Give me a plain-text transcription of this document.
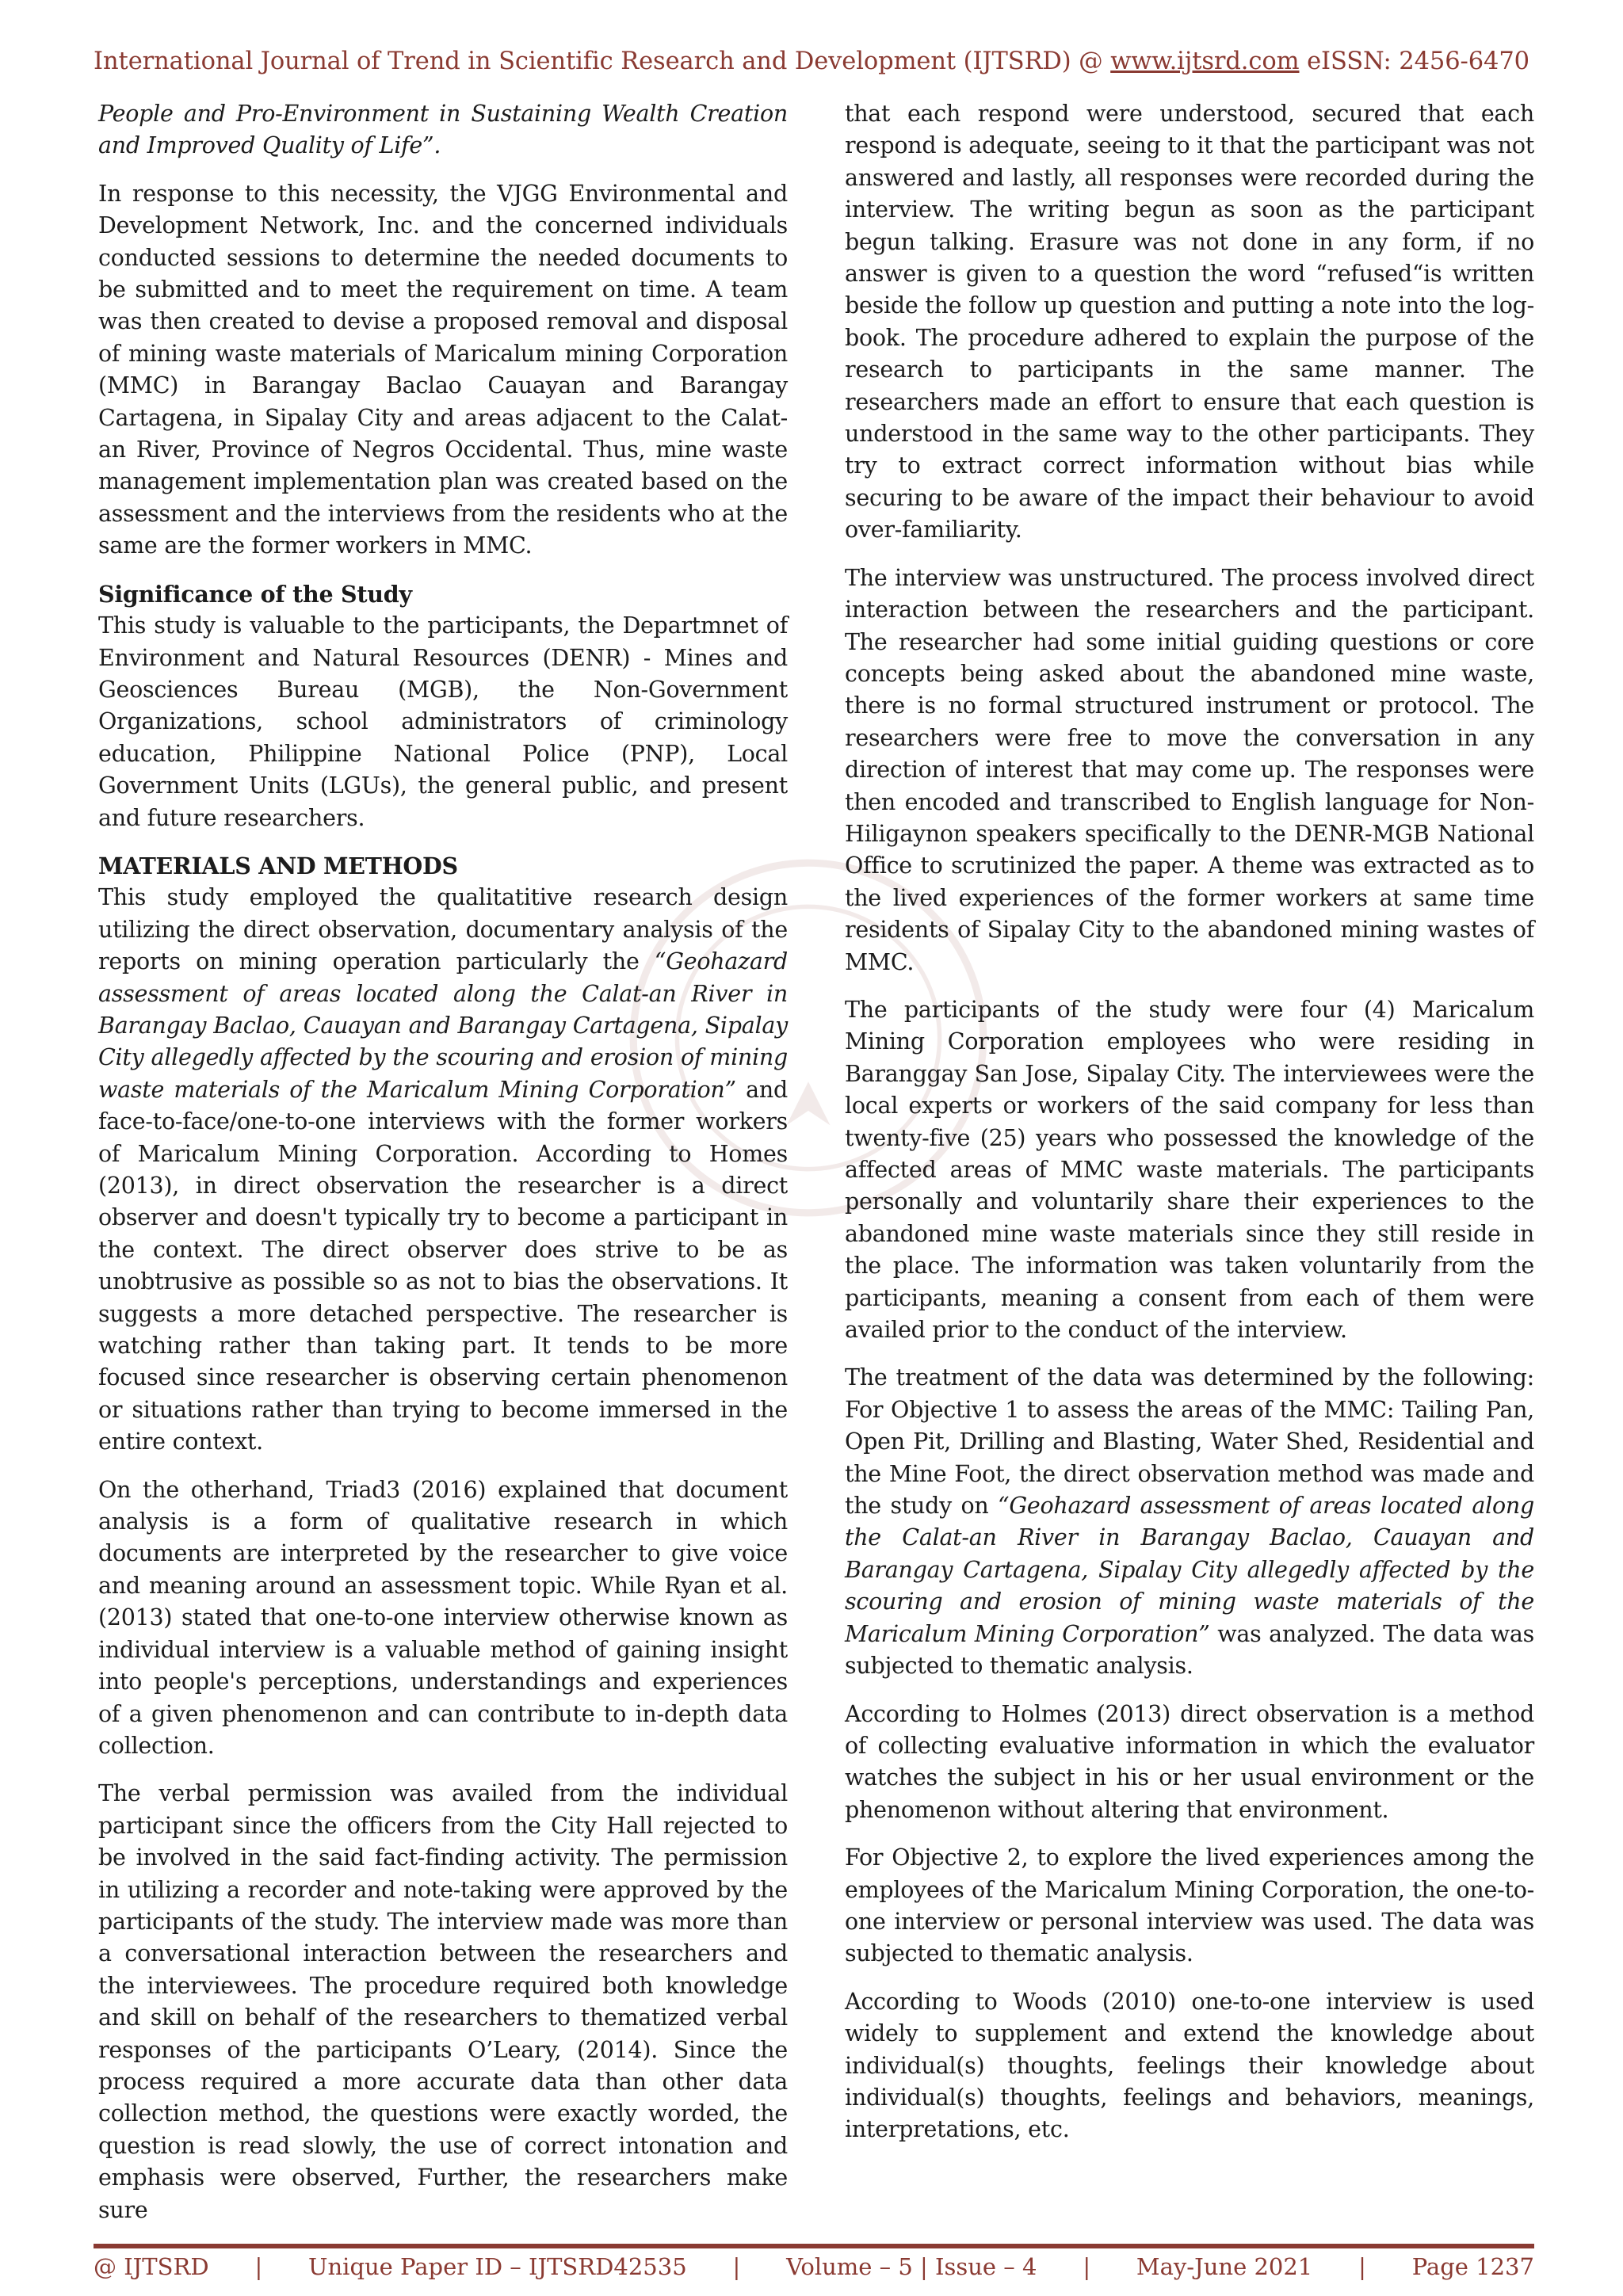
International Journal of Trend in Scientific Research and Development (IJTSRD) @ www.ijtsrd.com eISSN: 2456-6470

People and Pro-Environment in Sustaining Wealth Creation and Improved Quality of Life”.

In response to this necessity, the VJGG Environmental and Development Network, Inc. and the concerned individuals conducted sessions to determine the needed documents to be submitted and to meet the requirement on time. A team was then created to devise a proposed removal and disposal of mining waste materials of Maricalum mining Corporation (MMC) in Barangay Baclao Cauayan and Barangay Cartagena, in Sipalay City and areas adjacent to the Calat-an River, Province of Negros Occidental. Thus, mine waste management implementation plan was created based on the assessment and the interviews from the residents who at the same are the former workers in MMC.

Significance of the Study

This study is valuable to the participants, the Departmnet of Environment and Natural Resources (DENR) - Mines and Geosciences Bureau (MGB), the Non-Government Organizations, school administrators of criminology education, Philippine National Police (PNP), Local Government Units (LGUs), the general public, and present and future researchers.

MATERIALS AND METHODS

This study employed the qualitatitive research design utilizing the direct observation, documentary analysis of the reports on mining operation particularly the “Geohazard assessment of areas located along the Calat-an River in Barangay Baclao, Cauayan and Barangay Cartagena, Sipalay City allegedly affected by the scouring and erosion of mining waste materials of the Maricalum Mining Corporation” and face-to-face/one-to-one interviews with the former workers of Maricalum Mining Corporation. According to Homes (2013), in direct observation the researcher is a direct observer and doesn't typically try to become a participant in the context. The direct observer does strive to be as unobtrusive as possible so as not to bias the observations. It suggests a more detached perspective. The researcher is watching rather than taking part. It tends to be more focused since researcher is observing certain phenomenon or situations rather than trying to become immersed in the entire context.

On the otherhand, Triad3 (2016) explained that document analysis is a form of qualitative research in which documents are interpreted by the researcher to give voice and meaning around an assessment topic. While Ryan et al. (2013) stated that one-to-one interview otherwise known as individual interview is a valuable method of gaining insight into people's perceptions, understandings and experiences of a given phenomenon and can contribute to in-depth data collection.

The verbal permission was availed from the individual participant since the officers from the City Hall rejected to be involved in the said fact-finding activity. The permission in utilizing a recorder and note-taking were approved by the participants of the study. The interview made was more than a conversational interaction between the researchers and the interviewees. The procedure required both knowledge and skill on behalf of the researchers to thematized verbal responses of the participants O’Leary, (2014). Since the process required a more accurate data than other data collection method, the questions were exactly worded, the question is read slowly, the use of correct intonation and emphasis were observed, Further, the researchers make sure

that each respond were understood, secured that each respond is adequate, seeing to it that the participant was not answered and lastly, all responses were recorded during the interview. The writing begun as soon as the participant begun talking. Erasure was not done in any form, if no answer is given to a question the word “refused“is written beside the follow up question and putting a note into the log-book. The procedure adhered to explain the purpose of the research to participants in the same manner. The researchers made an effort to ensure that each question is understood in the same way to the other participants. They try to extract correct information without bias while securing to be aware of the impact their behaviour to avoid over-familiarity.

The interview was unstructured. The process involved direct interaction between the researchers and the participant. The researcher had some initial guiding questions or core concepts being asked about the abandoned mine waste, there is no formal structured instrument or protocol. The researchers were free to move the conversation in any direction of interest that may come up. The responses were then encoded and transcribed to English language for Non-Hiligaynon speakers specifically to the DENR-MGB National Office to scrutinized the paper. A theme was extracted as to the lived experiences of the former workers at same time residents of Sipalay City to the abandoned mining wastes of MMC.

The participants of the study were four (4) Maricalum Mining Corporation employees who were residing in Baranggay San Jose, Sipalay City. The interviewees were the local experts or workers of the said company for less than twenty-five (25) years who possessed the knowledge of the affected areas of MMC waste materials. The participants personally and voluntarily share their experiences to the abandoned mine waste materials since they still reside in the place. The information was taken voluntarily from the participants, meaning a consent from each of them were availed prior to the conduct of the interview.

The treatment of the data was determined by the following: For Objective 1 to assess the areas of the MMC: Tailing Pan, Open Pit, Drilling and Blasting, Water Shed, Residential and the Mine Foot, the direct observation method was made and the study on “Geohazard assessment of areas located along the Calat-an River in Barangay Baclao, Cauayan and Barangay Cartagena, Sipalay City allegedly affected by the scouring and erosion of mining waste materials of the Maricalum Mining Corporation” was analyzed. The data was subjected to thematic analysis.

According to Holmes (2013) direct observation is a method of collecting evaluative information in which the evaluator watches the subject in his or her usual environment or the phenomenon without altering that environment.

For Objective 2, to explore the lived experiences among the employees of the Maricalum Mining Corporation, the one-to-one interview or personal interview was used. The data was subjected to thematic analysis.

According to Woods (2010) one-to-one interview is used widely to supplement and extend the knowledge about individual(s) thoughts, feelings their knowledge about individual(s) thoughts, feelings and behaviors, meanings, interpretations, etc.

@ IJTSRD | Unique Paper ID – IJTSRD42535 | Volume – 5 | Issue – 4 | May-June 2021 | Page 1237
